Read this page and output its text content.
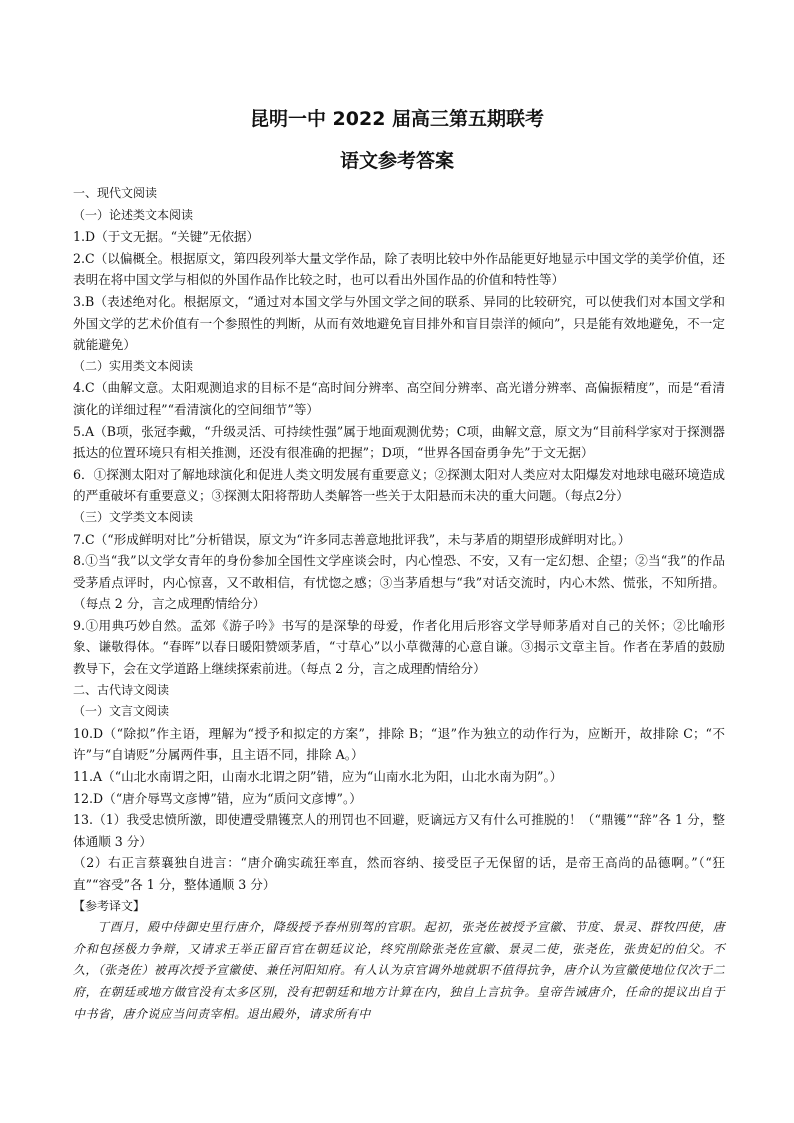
昆明一中 2022 届高三第五期联考
语文参考答案

一、现代文阅读

（一）论述类文本阅读

1.D（于文无据。“关键”无依据）

2.C（以偏概全。根据原文，第四段列举大量文学作品，除了表明比较中外作品能更好地显示中国文学的美学价值，还表明在将中国文学与相似的外国作品作比较之时，也可以看出外国作品的价值和特性等）

3.B（表述绝对化。根据原文，“通过对本国文学与外国文学之间的联系、异同的比较研究，可以使我们对本国文学和外国文学的艺术价值有一个参照性的判断，从而有效地避免盲目排外和盲目崇洋的倾向”，只是能有效地避免，不一定就能避免）

（二）实用类文本阅读

4.C（曲解文意。太阳观测追求的目标不是“高时间分辨率、高空间分辨率、高光谱分辨率、高偏振精度”，而是“看清演化的详细过程”“看清演化的空间细节”等）

5.A（B项，张冠李戴，“升级灵活、可持续性强”属于地面观测优势；C项，曲解文意，原文为“目前科学家对于探测器抵达的位置环境只有相关推测，还没有很准确的把握”；D项，“世界各国奋勇争先”于文无据）

6．①探测太阳对了解地球演化和促进人类文明发展有重要意义；②探测太阳对人类应对太阳爆发对地球电磁环境造成的严重破坏有重要意义；③探测太阳将帮助人类解答一些关于太阳悬而未决的重大问题。（每点2分）

（三）文学类文本阅读

7.C（“形成鲜明对比”分析错误，原文为“许多同志善意地批评我”，未与茅盾的期望形成鲜明对比。）

8.①当“我”以文学女青年的身份参加全国性文学座谈会时，内心惶恐、不安，又有一定幻想、企望；②当“我”的作品受茅盾点评时，内心惊喜，又不敢相信，有忧惚之感；③当茅盾想与“我”对话交流时，内心木然、慌张，不知所措。（每点 2 分，言之成理酌情给分）

9.①用典巧妙自然。孟郊《游子吟》书写的是深挚的母爱，作者化用后形容文学导师茅盾对自己的关怀；②比喻形象、谦敬得体。“春晖”以春日暖阳赞颂茅盾，“寸草心”以小草微薄的心意自谦。③揭示文章主旨。作者在茅盾的鼓励教导下，会在文学道路上继续探索前进。（每点 2 分，言之成理酌情给分）

二、古代诗文阅读

（一）文言文阅读

10.D（“除拟”作主语，理解为“授予和拟定的方案”，排除 B；“退”作为独立的动作行为，应断开，故排除 C；“不许”与“自请贬”分属两件事，且主语不同，排除 A。）

11.A（“山北水南谓之阳，山南水北谓之阴”错，应为“山南水北为阳，山北水南为阴”。）

12.D（“唐介辱骂文彦博”错，应为“质问文彦博”。）

13.（1）我受忠愤所激，即使遭受鼎镬烹人的刑罚也不回避，贬谪远方又有什么可推脱的！（“鼎镬”“辞”各 1 分，整体通顺 3 分）

（2）右正言蔡襄独自进言：“唐介确实疏狂率直，然而容纳、接受臣子无保留的话，是帝王高尚的品德啊。”（“狂直”“容受”各 1 分，整体通顺 3 分）

【参考译文】

丁酉月，殿中侍御史里行唐介，降级授予春州别驾的官职。起初，张尧佐被授予宣徽、节度、景灵、群牧四使，唐介和包拯极力争辩，又请求王举正留百官在朝廷议论，终究削除张尧佐宣徽、景灵二使，张尧佐，张贵妃的伯父。不久，（张尧佐）被再次授予宣徽使、兼任河阳知府。有人认为京官调外地就职不值得抗争，唐介认为宣徽使地位仅次于二府，在朝廷或地方做官没有太多区别，没有把朝廷和地方计算在内，独自上言抗争。皇帝告诫唐介，任命的提议出自于中书省，唐介说应当问责宰相。退出殿外，请求所有中
